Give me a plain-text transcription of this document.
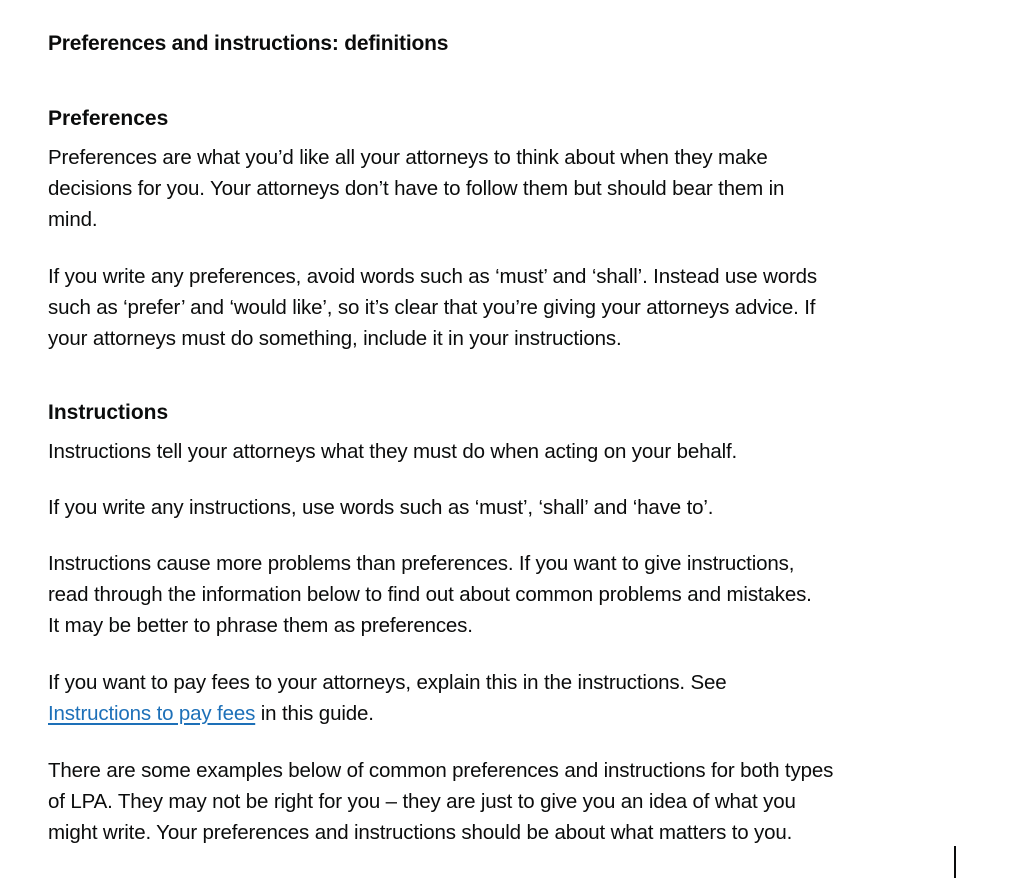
Preferences and instructions: definitions
Preferences

Preferences are what you’d like all your attorneys to think about when they make
decisions for you. Your attorneys don’t have to follow them but should bear them in
mind.

If you write any preferences, avoid words such as ‘must’ and ‘shall’. Instead use words
such as ‘prefer’ and ‘would like’, so it’s clear that you’re giving your attorneys advice. If
your attorneys must do something, include it in your instructions.

Instructions

Instructions tell your attorneys what they must do when acting on your behalf.

If you write any instructions, use words such as ‘must’, ‘shall’ and ‘have to’.

Instructions cause more problems than preferences. If you want to give instructions,
read through the information below to find out about common problems and mistakes.
It may be better to phrase them as preferences.

If you want to pay fees to your attorneys, explain this in the instructions. See
Instructions to pay fees in this guide.

There are some examples below of common preferences and instructions for both types
of LPA. They may not be right for you – they are just to give you an idea of what you
might write. Your preferences and instructions should be about what matters to you.
